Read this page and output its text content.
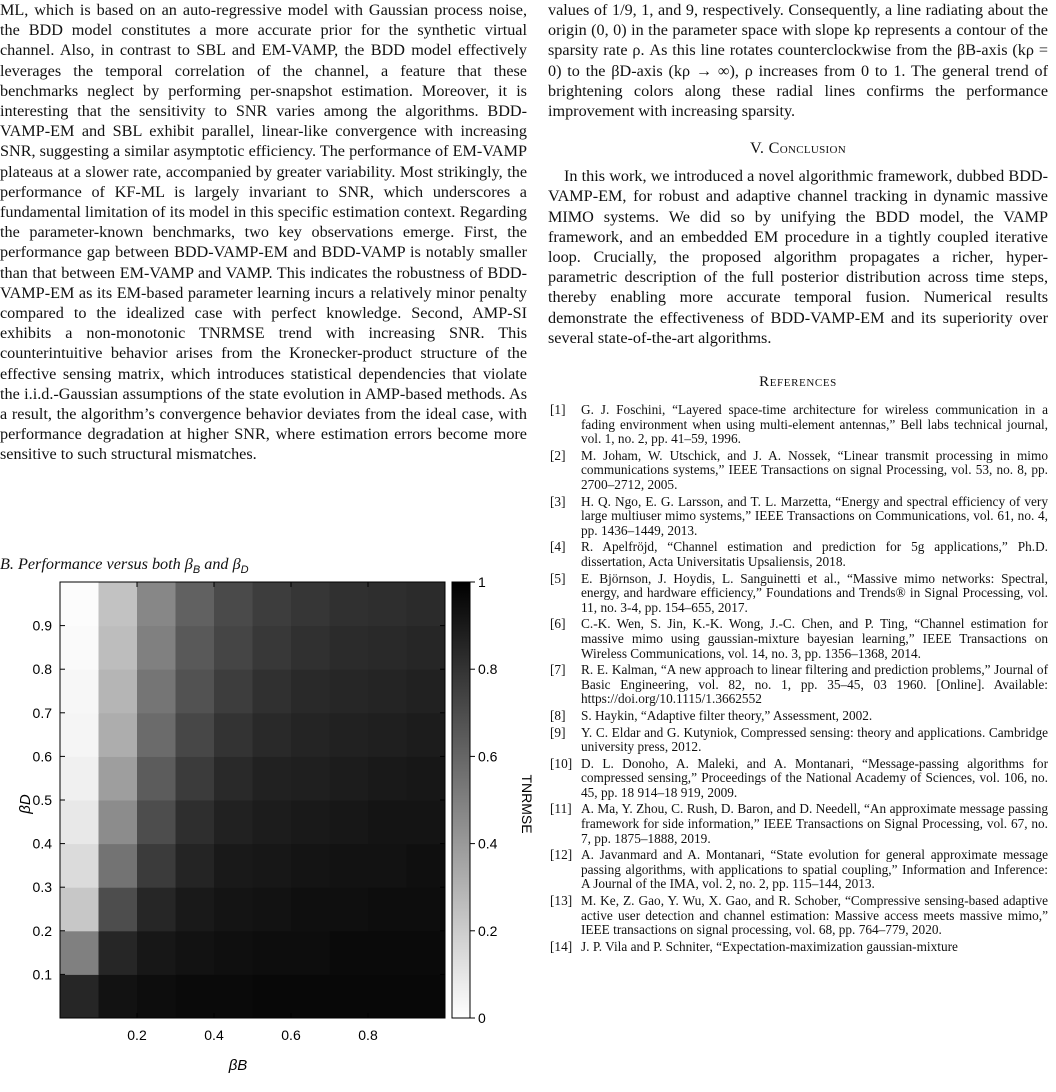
ML, which is based on an auto-regressive model with Gaussian process noise, the BDD model constitutes a more accurate prior for the synthetic virtual channel. Also, in contrast to SBL and EM-VAMP, the BDD model effectively leverages the temporal correlation of the channel, a feature that these benchmarks neglect by performing per-snapshot estimation. Moreover, it is interesting that the sensitivity to SNR varies among the algorithms. BDD-VAMP-EM and SBL exhibit parallel, linear-like convergence with increasing SNR, suggesting a similar asymptotic efficiency. The performance of EM-VAMP plateaus at a slower rate, accompanied by greater variability. Most strikingly, the performance of KF-ML is largely invariant to SNR, which underscores a fundamental limitation of its model in this specific estimation context. Regarding the parameter-known benchmarks, two key observations emerge. First, the performance gap between BDD-VAMP-EM and BDD-VAMP is notably smaller than that between EM-VAMP and VAMP. This indicates the robustness of BDD-VAMP-EM as its EM-based parameter learning incurs a relatively minor penalty compared to the idealized case with perfect knowledge. Second, AMP-SI exhibits a non-monotonic TNRMSE trend with increasing SNR. This counterintuitive behavior arises from the Kronecker-product structure of the effective sensing matrix, which introduces statistical dependencies that violate the i.i.d.-Gaussian assumptions of the state evolution in AMP-based methods. As a result, the algorithm’s convergence behavior deviates from the ideal case, with performance degradation at higher SNR, where estimation errors become more sensitive to such structural mismatches.

B. Performance versus both $\beta_B$ and $\beta_D$
0.2	0.4	0.6	0.8
0.1
0.2
0.3
0.4
0.5
0.6
0.7
0.8
0.9
0
0.2
0.4
0.6
0.8
1
βB
βD	TNRMSE

values of 1/9, 1, and 9, respectively. Consequently, a line radiating about the origin (0, 0) in the parameter space with slope kρ represents a contour of the sparsity rate ρ. As this line rotates counterclockwise from the βB-axis (kρ = 0) to the βD-axis (kρ → ∞), ρ increases from 0 to 1. The general trend of brightening colors along these radial lines confirms the performance improvement with increasing sparsity.

V. Conclusion

In this work, we introduced a novel algorithmic framework, dubbed BDD-VAMP-EM, for robust and adaptive channel tracking in dynamic massive MIMO systems. We did so by unifying the BDD model, the VAMP framework, and an embedded EM procedure in a tightly coupled iterative loop. Crucially, the proposed algorithm propagates a richer, hyper-parametric description of the full posterior distribution across time steps, thereby enabling more accurate temporal fusion. Numerical results demonstrate the effectiveness of BDD-VAMP-EM and its superiority over several state-of-the-art algorithms.

References
[1]	G. J. Foschini, “Layered space-time architecture for wireless communication in a fading environment when using multi-element antennas,” Bell labs technical journal, vol. 1, no. 2, pp. 41–59, 1996.
[2]	M. Joham, W. Utschick, and J. A. Nossek, “Linear transmit processing in mimo communications systems,” IEEE Transactions on signal Processing, vol. 53, no. 8, pp. 2700–2712, 2005.
[3]	H. Q. Ngo, E. G. Larsson, and T. L. Marzetta, “Energy and spectral efficiency of very large multiuser mimo systems,” IEEE Transactions on Communications, vol. 61, no. 4, pp. 1436–1449, 2013.
[4]	R. Apelfröjd, “Channel estimation and prediction for 5g applications,” Ph.D. dissertation, Acta Universitatis Upsaliensis, 2018.
[5]	E. Björnson, J. Hoydis, L. Sanguinetti et al., “Massive mimo networks: Spectral, energy, and hardware efficiency,” Foundations and Trends® in Signal Processing, vol. 11, no. 3-4, pp. 154–655, 2017.
[6]	C.-K. Wen, S. Jin, K.-K. Wong, J.-C. Chen, and P. Ting, “Channel estimation for massive mimo using gaussian-mixture bayesian learning,” IEEE Transactions on Wireless Communications, vol. 14, no. 3, pp. 1356–1368, 2014.
[7]	R. E. Kalman, “A new approach to linear filtering and prediction problems,” Journal of Basic Engineering, vol. 82, no. 1, pp. 35–45, 03 1960. [Online]. Available: https://doi.org/10.1115/1.3662552
[8]	S. Haykin, “Adaptive filter theory,” Assessment, 2002.
[9]	Y. C. Eldar and G. Kutyniok, Compressed sensing: theory and applications. Cambridge university press, 2012.
[10] D. L. Donoho, A. Maleki, and A. Montanari, “Message-passing algorithms for compressed sensing,” Proceedings of the National Academy of Sciences, vol. 106, no. 45, pp. 18 914–18 919, 2009.
[11] A. Ma, Y. Zhou, C. Rush, D. Baron, and D. Needell, “An approximate message passing framework for side information,” IEEE Transactions on Signal Processing, vol. 67, no. 7, pp. 1875–1888, 2019.
[12] A. Javanmard and A. Montanari, “State evolution for general approximate message passing algorithms, with applications to spatial coupling,” Information and Inference: A Journal of the IMA, vol. 2, no. 2, pp. 115–144, 2013.
[13] M. Ke, Z. Gao, Y. Wu, X. Gao, and R. Schober, “Compressive sensing-based adaptive active user detection and channel estimation: Massive access meets massive mimo,” IEEE transactions on signal processing, vol. 68, pp. 764–779, 2020.
[14] J. P. Vila and P. Schniter, “Expectation-maximization gaussian-mixture
